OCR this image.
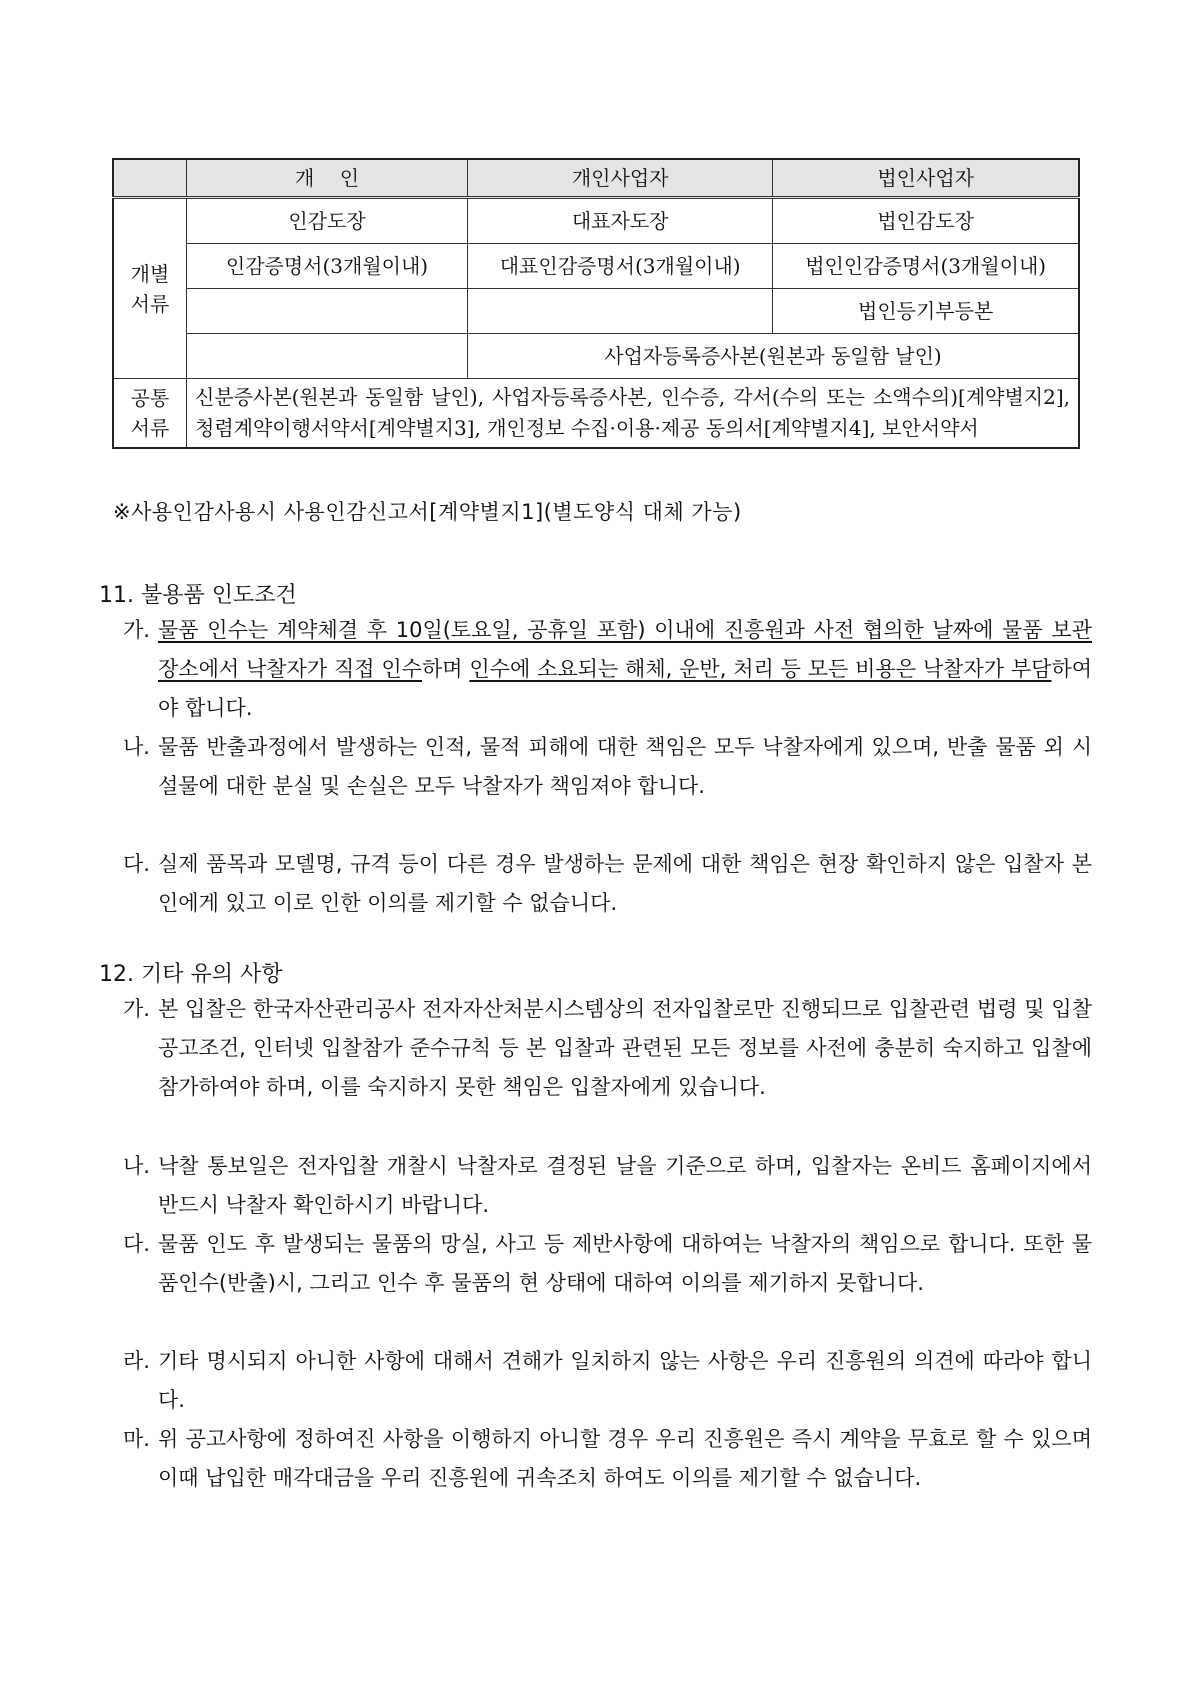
	개    인	개인사업자	법인사업자
개별
서류	인감도장	대표자도장	법인감도장
	인감증명서(3개월이내)	대표인감증명서(3개월이내)	법인인감증명서(3개월이내)
			법인등기부등본
		사업자등록증사본(원본과 동일함 날인)	
공통
서류	신분증사본(원본과 동일함 날인), 사업자등록증사본, 인수증, 각서(수의 또는 소액수의)[계약별지2], 청렴계약이행서약서[계약별지3], 개인정보 수집·이용·제공 동의서[계약별지4], 보안서약서		
※사용인감사용시 사용인감신고서[계약별지1](별도양식 대체 가능)
11. 불용품 인도조건
가. 물품 인수는 계약체결 후 10일(토요일, 공휴일 포함) 이내에 진흥원과 사전 협의한 날짜에 물품 보관 장소에서 낙찰자가 직접 인수하며 인수에 소요되는 해체, 운반, 처리 등 모든 비용은 낙찰자가 부담하여야 합니다.
나. 물품 반출과정에서 발생하는 인적, 물적 피해에 대한 책임은 모두 낙찰자에게 있으며, 반출 물품 외 시설물에 대한 분실 및 손실은 모두 낙찰자가 책임져야 합니다.
다. 실제 품목과 모델명, 규격 등이 다른 경우 발생하는 문제에 대한 책임은 현장 확인하지 않은 입찰자 본인에게 있고 이로 인한 이의를 제기할 수 없습니다.
12. 기타 유의 사항
가. 본 입찰은 한국자산관리공사 전자자산처분시스템상의 전자입찰로만 진행되므로 입찰관련 법령 및 입찰공고조건, 인터넷 입찰참가 준수규칙 등 본 입찰과 관련된 모든 정보를 사전에 충분히 숙지하고 입찰에 참가하여야 하며, 이를 숙지하지 못한 책임은 입찰자에게 있습니다.
나. 낙찰 통보일은 전자입찰 개찰시 낙찰자로 결정된 날을 기준으로 하며, 입찰자는 온비드 홈페이지에서 반드시 낙찰자 확인하시기 바랍니다.
다. 물품 인도 후 발생되는 물품의 망실, 사고 등 제반사항에 대하여는 낙찰자의 책임으로 합니다. 또한 물품인수(반출)시, 그리고 인수 후 물품의 현 상태에 대하여 이의를 제기하지 못합니다.
라. 기타 명시되지 아니한 사항에 대해서 견해가 일치하지 않는 사항은 우리 진흥원의 의견에 따라야 합니다.
마. 위 공고사항에 정하여진 사항을 이행하지 아니할 경우 우리 진흥원은 즉시 계약을 무효로 할 수 있으며 이때 납입한 매각대금을 우리 진흥원에 귀속조치 하여도 이의를 제기할 수 없습니다.
